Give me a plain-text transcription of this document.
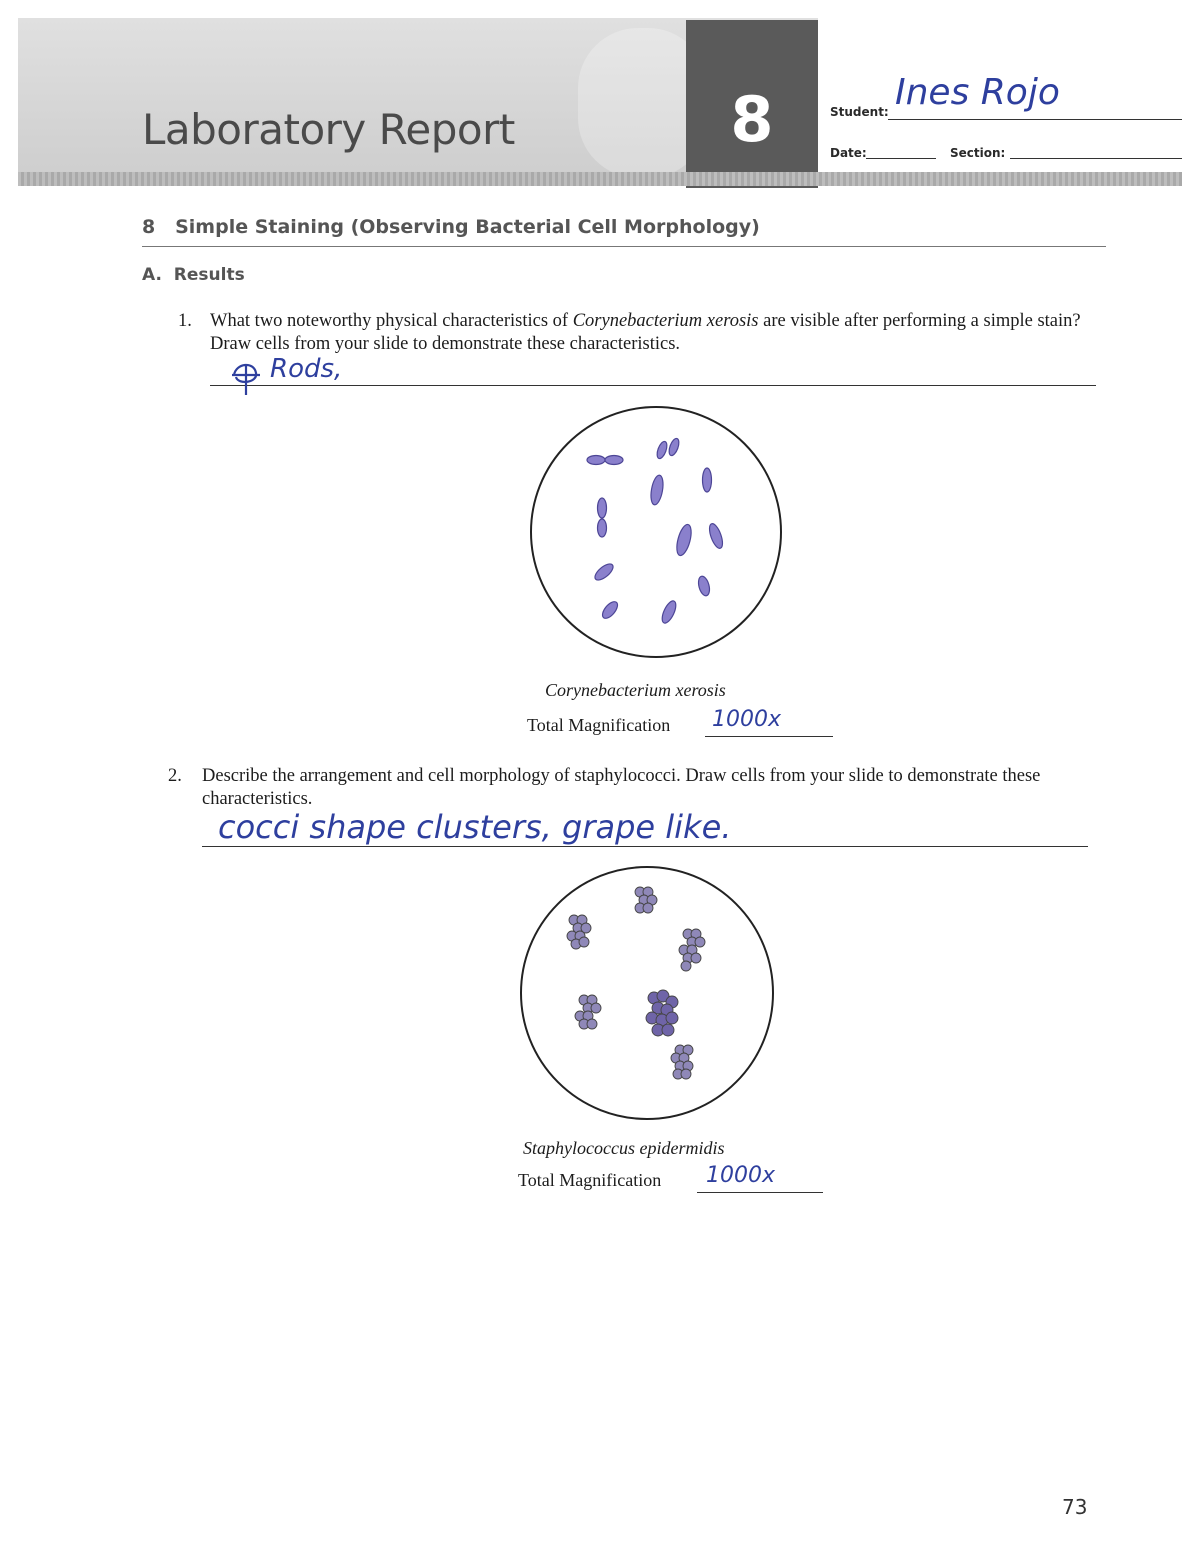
Laboratory Report	8	Student: Ines Rojo
Date:	Section:
8 Simple Staining (Observing Bacterial Cell Morphology)
A. Results
1. What two noteworthy physical characteristics of Corynebacterium xerosis are visible after performing a simple stain? Draw cells from your slide to demonstrate these characteristics.
Rods,
Corynebacterium xerosis
Total Magnification 1000x
2. Describe the arrangement and cell morphology of staphylococci. Draw cells from your slide to demonstrate these characteristics.
cocci shape clusters, grape like.
Staphylococcus epidermidis
Total Magnification 1000x
73
